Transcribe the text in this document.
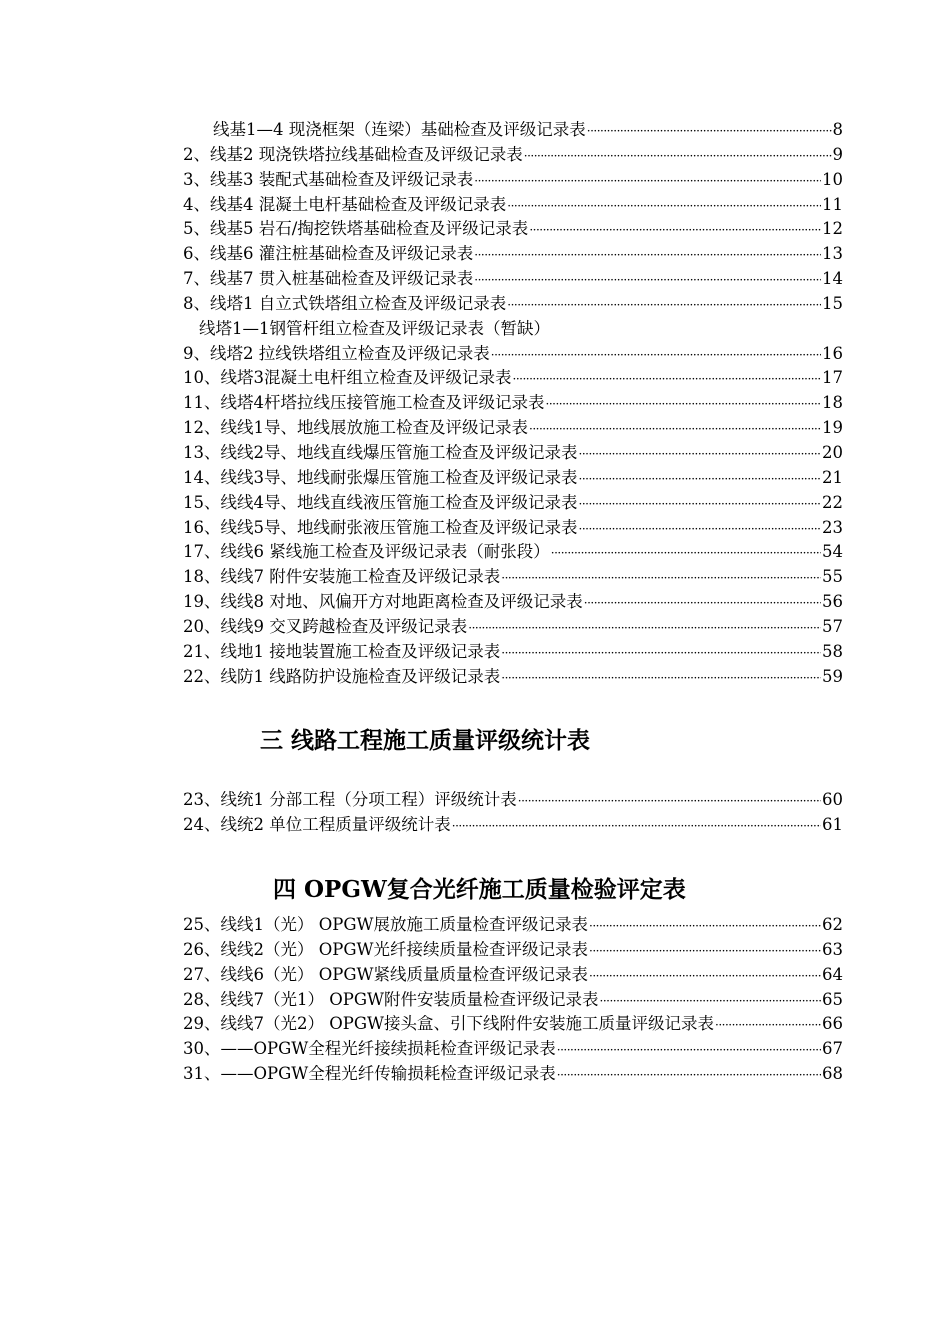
线基1—4 现浇框架（连梁）基础检查及评级记录表 ·····	8
2、线基2 现浇铁塔拉线基础检查及评级记录表 ·····	9
3、线基3 装配式基础检查及评级记录表 ·····	10
4、线基4 混凝土电杆基础检查及评级记录表 ·····	11
5、线基5 岩石/掏挖铁塔基础检查及评级记录表 ·····	12
6、线基6 灌注桩基础检查及评级记录表 ·····	13
7、线基7 贯入桩基础检查及评级记录表 ·····	14
8、线塔1 自立式铁塔组立检查及评级记录表 ·····	15
线塔1—1钢管杆组立检查及评级记录表（暂缺）
9、线塔2 拉线铁塔组立检查及评级记录表 ·····	16
10、线塔3混凝土电杆组立检查及评级记录表 ·····	17
11、线塔4杆塔拉线压接管施工检查及评级记录表 ·····	18
12、线线1导、地线展放施工检查及评级记录表 ·····	19
13、线线2导、地线直线爆压管施工检查及评级记录表 ·····	20
14、线线3导、地线耐张爆压管施工检查及评级记录表 ·····	21
15、线线4导、地线直线液压管施工检查及评级记录表 ·····	22
16、线线5导、地线耐张液压管施工检查及评级记录表 ·····	23
17、线线6 紧线施工检查及评级记录表（耐张段） ·····	54
18、线线7 附件安装施工检查及评级记录表 ·····	55
19、线线8 对地、风偏开方对地距离检查及评级记录表 ·····	56
20、线线9 交叉跨越检查及评级记录表 ·····	57
21、线地1 接地装置施工检查及评级记录表 ·····	58
22、线防1 线路防护设施检查及评级记录表 ·····	59
三 线路工程施工质量评级统计表
23、线统1 分部工程（分项工程）评级统计表 ·····	60
24、线统2 单位工程质量评级统计表 ·····	61
四 OPGW复合光纤施工质量检验评定表
25、线线1（光） OPGW展放施工质量检查评级记录表 ·····	62
26、线线2（光） OPGW光纤接续质量检查评级记录表 ·····	63
27、线线6（光） OPGW紧线质量质量检查评级记录表 ·····	64
28、线线7（光1） OPGW附件安装质量检查评级记录表 ·····	65
29、线线7（光2） OPGW接头盒、引下线附件安装施工质量评级记录表 ·····	66
30、——OPGW全程光纤接续损耗检查评级记录表 ·····	67
31、——OPGW全程光纤传输损耗检查评级记录表 ·····	68
